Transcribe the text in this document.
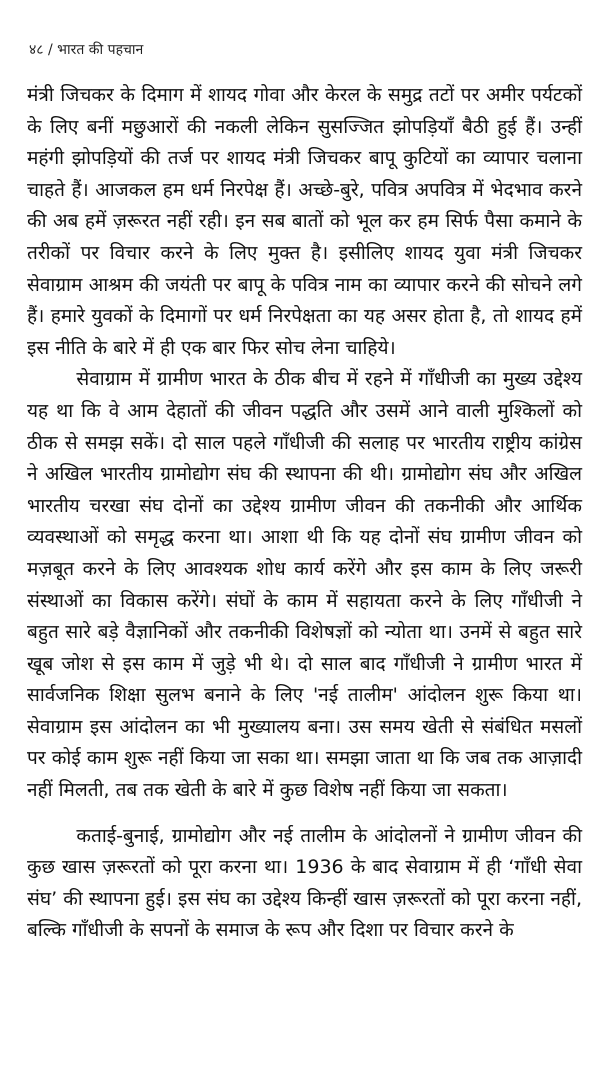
४८ / भारत की पहचान

मंत्री जिचकर के दिमाग में शायद गोवा और केरल के समुद्र तटों पर अमीर पर्यटकों के लिए बनीं मछुआरों की नकली लेकिन सुसज्जित झोपड़ियाँ बैठी हुई हैं। उन्हीं महंगी झोपड़ियों की तर्ज पर शायद मंत्री जिचकर बापू कुटियों का व्यापार चलाना चाहते हैं। आजकल हम धर्म निरपेक्ष हैं। अच्छे-बुरे, पवित्र अपवित्र में भेदभाव करने की अब हमें ज़रूरत नहीं रही। इन सब बातों को भूल कर हम सिर्फ पैसा कमाने के तरीकों पर विचार करने के लिए मुक्त है। इसीलिए शायद युवा मंत्री जिचकर सेवाग्राम आश्रम की जयंती पर बापू के पवित्र नाम का व्यापार करने की सोचने लगे हैं। हमारे युवकों के दिमागों पर धर्म निरपेक्षता का यह असर होता है, तो शायद हमें इस नीति के बारे में ही एक बार फिर सोच लेना चाहिये।

सेवाग्राम में ग्रामीण भारत के ठीक बीच में रहने में गाँधीजी का मुख्य उद्देश्य यह था कि वे आम देहातों की जीवन पद्धति और उसमें आने वाली मुश्किलों को ठीक से समझ सकें। दो साल पहले गाँधीजी की सलाह पर भारतीय राष्ट्रीय कांग्रेस ने अखिल भारतीय ग्रामोद्योग संघ की स्थापना की थी। ग्रामोद्योग संघ और अखिल भारतीय चरखा संघ दोनों का उद्देश्य ग्रामीण जीवन की तकनीकी और आर्थिक व्यवस्थाओं को समृद्ध करना था। आशा थी कि यह दोनों संघ ग्रामीण जीवन को मज़बूत करने के लिए आवश्यक शोध कार्य करेंगे और इस काम के लिए जरूरी संस्थाओं का विकास करेंगे। संघों के काम में सहायता करने के लिए गाँधीजी ने बहुत सारे बड़े वैज्ञानिकों और तकनीकी विशेषज्ञों को न्योता था। उनमें से बहुत सारे खूब जोश से इस काम में जुड़े भी थे। दो साल बाद गाँधीजी ने ग्रामीण भारत में सार्वजनिक शिक्षा सुलभ बनाने के लिए 'नई तालीम' आंदोलन शुरू किया था। सेवाग्राम इस आंदोलन का भी मुख्यालय बना। उस समय खेती से संबंधित मसलों पर कोई काम शुरू नहीं किया जा सका था। समझा जाता था कि जब तक आज़ादी नहीं मिलती, तब तक खेती के बारे में कुछ विशेष नहीं किया जा सकता।

कताई-बुनाई, ग्रामोद्योग और नई तालीम के आंदोलनों ने ग्रामीण जीवन की कुछ खास ज़रूरतों को पूरा करना था। 1936 के बाद सेवाग्राम में ही ‘गाँधी सेवा संघ’ की स्थापना हुई। इस संघ का उद्देश्य किन्हीं खास ज़रूरतों को पूरा करना नहीं, बल्कि गाँधीजी के सपनों के समाज के रूप और दिशा पर विचार करने के
